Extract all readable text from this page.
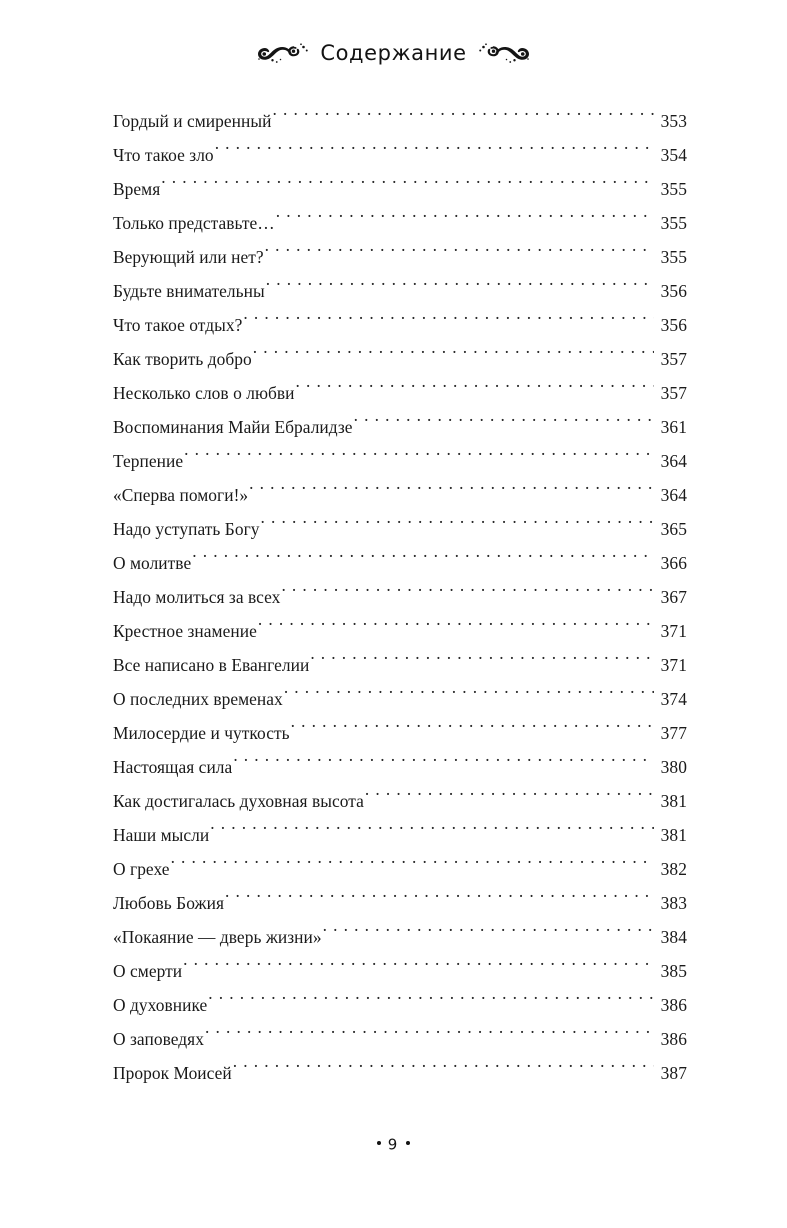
Содержание
Гордый и смиренный . . .	353
Что такое зло . . .	354
Время . . .	355
Только представьте… . . .	355
Верующий или нет? . . .	355
Будьте внимательны . . .	356
Что такое отдых? . . .	356
Как творить добро . . .	357
Несколько слов о любви . . .	357
Воспоминания Майи Ебралидзе . . .	361
Терпение . . .	364
«Сперва помоги!» . . .	364
Надо уступать Богу . . .	365
О молитве . . .	366
Надо молиться за всех . . .	367
Крестное знамение . . .	371
Все написано в Евангелии . . .	371
О последних временах . . .	374
Милосердие и чуткость . . .	377
Настоящая сила . . .	380
Как достигалась духовная высота . . .	381
Наши мысли . . .	381
О грехе . . .	382
Любовь Божия . . .	383
«Покаяние — дверь жизни» . . .	384
О смерти . . .	385
О духовнике . . .	386
О заповедях . . .	386
Пророк Моисей . . .	387
9
